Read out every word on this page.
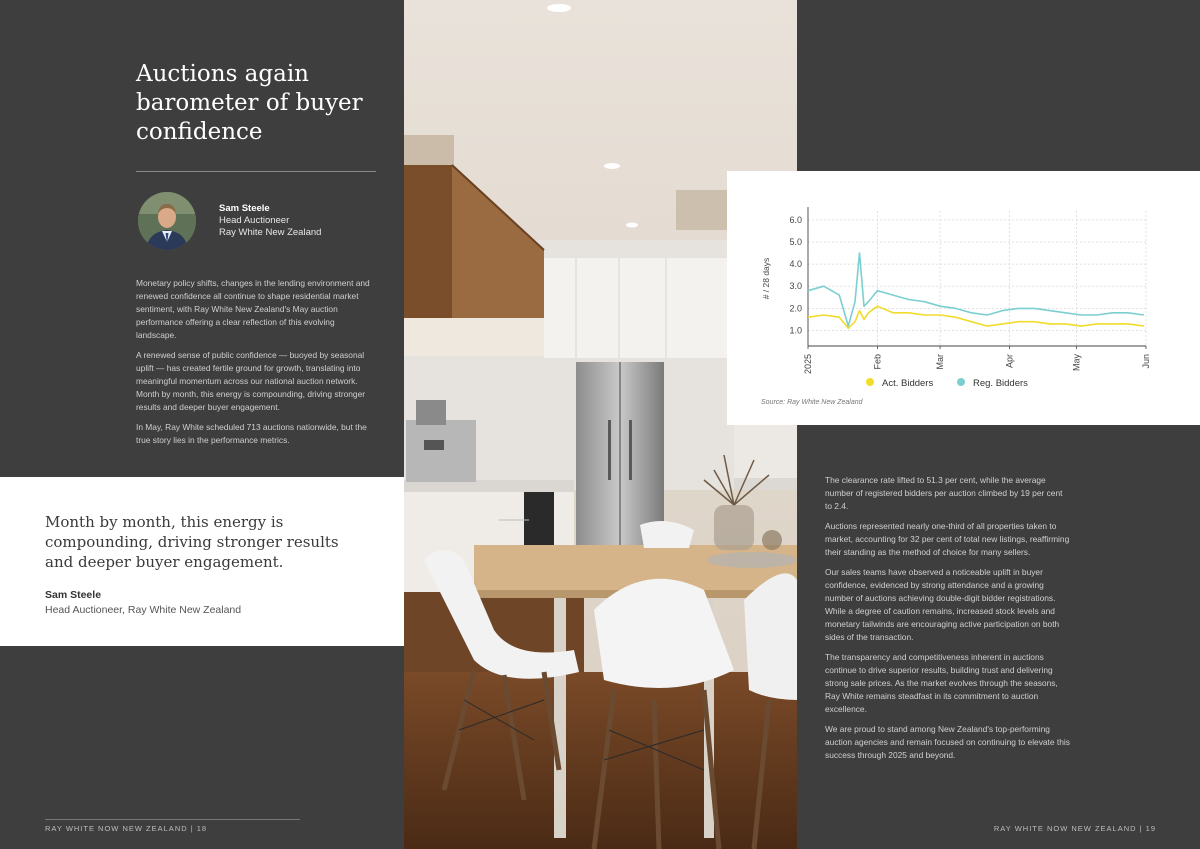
Auctions again barometer of buyer confidence
Sam Steele
Head Auctioneer
Ray White New Zealand

Monetary policy shifts, changes in the lending environment and renewed confidence all continue to shape residential market sentiment, with Ray White New Zealand's May auction performance offering a clear reflection of this evolving landscape.

A renewed sense of public confidence — buoyed by seasonal uplift — has created fertile ground for growth, translating into meaningful momentum across our national auction network. Month by month, this energy is compounding, driving stronger results and deeper buyer engagement.

In May, Ray White scheduled 713 auctions nationwide, but the true story lies in the performance metrics.

Month by month, this energy is compounding, driving stronger results and deeper buyer engagement.

Sam Steele
Head Auctioneer, Ray White New Zealand
RAY WHITE NOW NEW ZEALAND | 18
1.0
2.0
3.0
4.0
5.0
6.0
2025	Feb	Mar	Apr	May	Jun
# / 28 days
Act. Bidders	Reg. Bidders
Source: Ray White New Zealand

The clearance rate lifted to 51.3 per cent, while the average number of registered bidders per auction climbed by 19 per cent to 2.4.

Auctions represented nearly one-third of all properties taken to market, accounting for 32 per cent of total new listings, reaffirming their standing as the method of choice for many sellers.

Our sales teams have observed a noticeable uplift in buyer confidence, evidenced by strong attendance and a growing number of auctions achieving double-digit bidder registrations. While a degree of caution remains, increased stock levels and monetary tailwinds are encouraging active participation on both sides of the transaction.

The transparency and competitiveness inherent in auctions continue to drive superior results, building trust and delivering strong sale prices. As the market evolves through the seasons, Ray White remains steadfast in its commitment to auction excellence.

We are proud to stand among New Zealand's top-performing auction agencies and remain focused on continuing to elevate this success through 2025 and beyond.

RAY WHITE NOW NEW ZEALAND | 19
